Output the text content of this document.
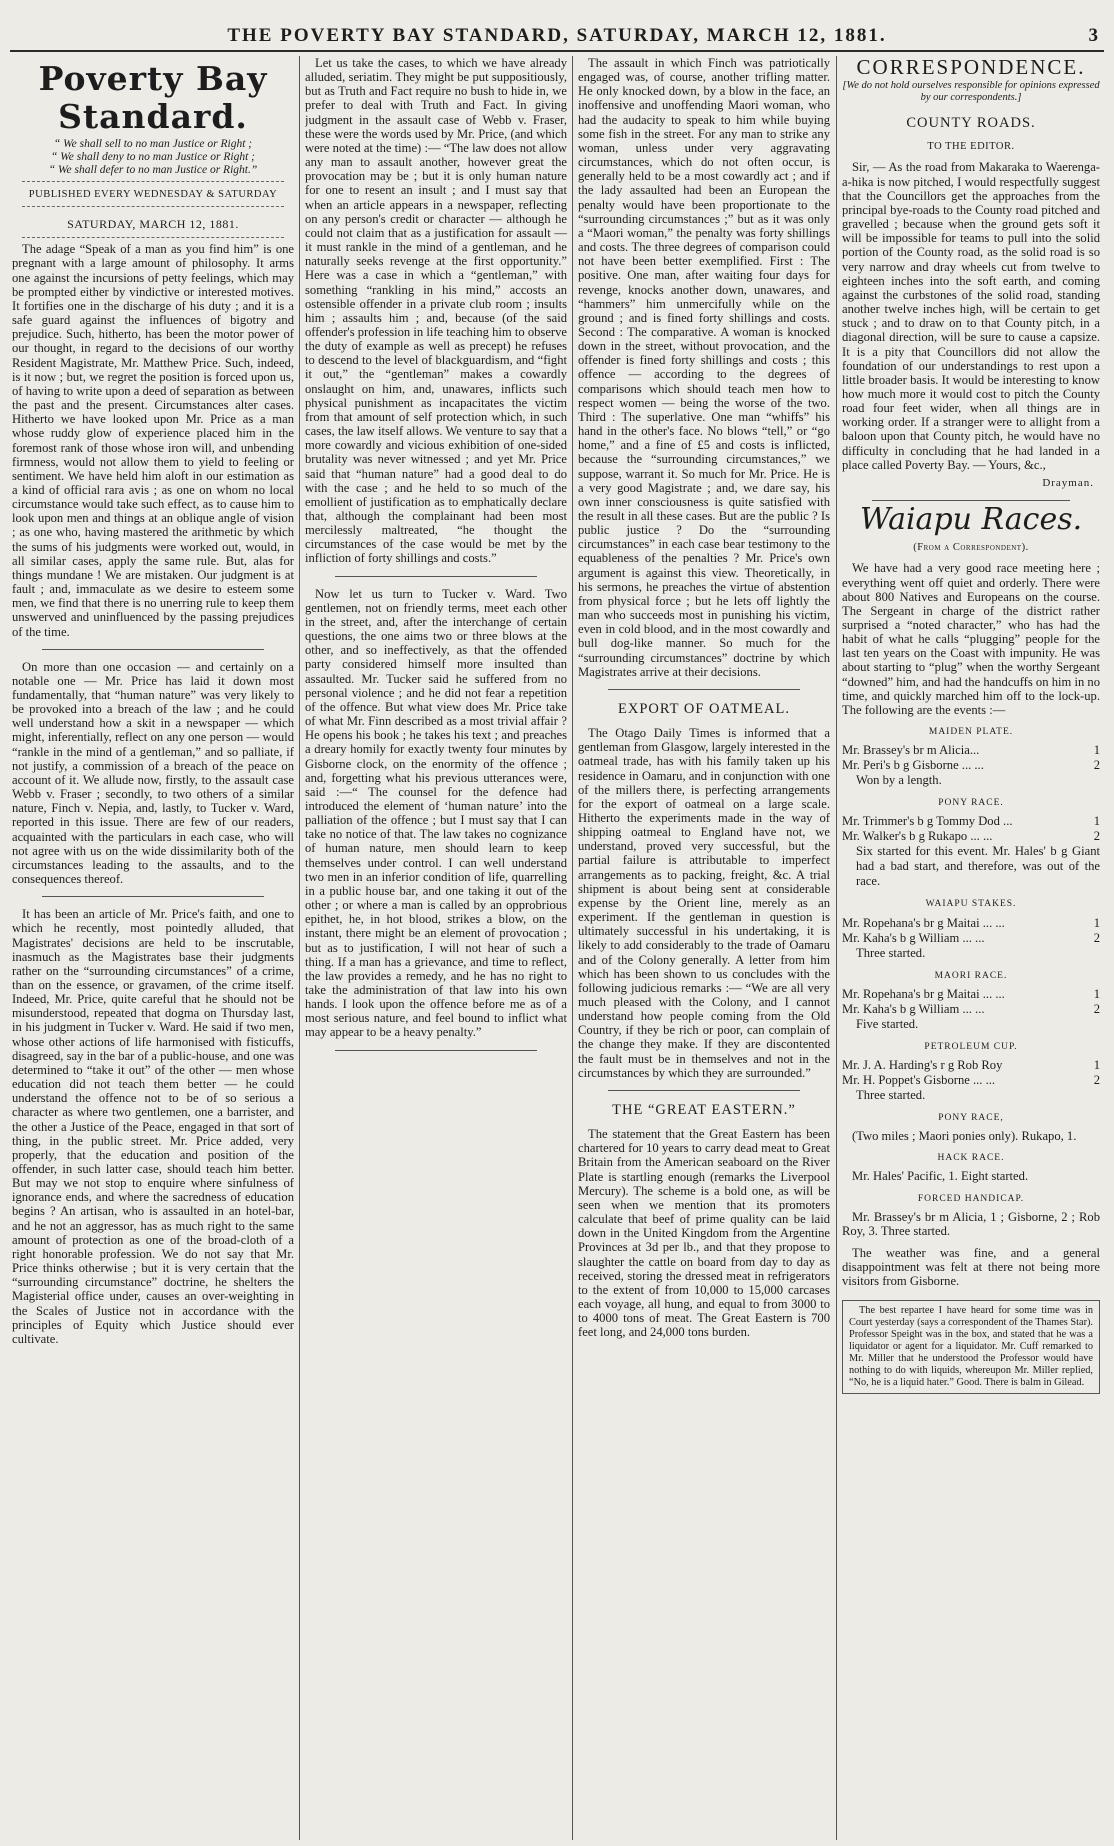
THE POVERTY BAY STANDARD, SATURDAY, MARCH 12, 1881.	3
Poverty Bay Standard.
“ We shall sell to no man Justice or Right ;
“ We shall deny to no man Justice or Right ;
“ We shall defer to no man Justice or Right.”
PUBLISHED EVERY WEDNESDAY & SATURDAY
SATURDAY, MARCH 12, 1881.

The adage “Speak of a man as you find him” is one pregnant with a large amount of philosophy. It arms one against the incursions of petty feelings, which may be prompted either by vindictive or interested motives. It fortifies one in the discharge of his duty ; and it is a safe guard against the influences of bigotry and prejudice. Such, hitherto, has been the motor power of our thought, in regard to the decisions of our worthy Resident Magistrate, Mr. Matthew Price. Such, indeed, is it now ; but, we regret the position is forced upon us, of having to write upon a deed of separation as between the past and the present. Circumstances alter cases. Hitherto we have looked upon Mr. Price as a man whose ruddy glow of experience placed him in the foremost rank of those whose iron will, and unbending firmness, would not allow them to yield to feeling or sentiment. We have held him aloft in our estimation as a kind of official rara avis ; as one on whom no local circumstance would take such effect, as to cause him to look upon men and things at an oblique angle of vision ; as one who, having mastered the arithmetic by which the sums of his judgments were worked out, would, in all similar cases, apply the same rule. But, alas for things mundane ! We are mistaken. Our judgment is at fault ; and, immaculate as we desire to esteem some men, we find that there is no unerring rule to keep them unswerved and uninfluenced by the passing prejudices of the time.

On more than one occasion — and certainly on a notable one — Mr. Price has laid it down most fundamentally, that “human nature” was very likely to be provoked into a breach of the law ; and he could well understand how a skit in a newspaper — which might, inferentially, reflect on any one person — would “rankle in the mind of a gentleman,” and so palliate, if not justify, a commission of a breach of the peace on account of it. We allude now, firstly, to the assault case Webb v. Fraser ; secondly, to two others of a similar nature, Finch v. Nepia, and, lastly, to Tucker v. Ward, reported in this issue. There are few of our readers, acquainted with the particulars in each case, who will not agree with us on the wide dissimilarity both of the circumstances leading to the assaults, and to the consequences thereof.

It has been an article of Mr. Price's faith, and one to which he recently, most pointedly alluded, that Magistrates' decisions are held to be inscrutable, inasmuch as the Magistrates base their judgments rather on the “surrounding circumstances” of a crime, than on the essence, or gravamen, of the crime itself. Indeed, Mr. Price, quite careful that he should not be misunderstood, repeated that dogma on Thursday last, in his judgment in Tucker v. Ward. He said if two men, whose other actions of life harmonised with fisticuffs, disagreed, say in the bar of a public-house, and one was determined to “take it out” of the other — men whose education did not teach them better — he could understand the offence not to be of so serious a character as where two gentlemen, one a barrister, and the other a Justice of the Peace, engaged in that sort of thing, in the public street. Mr. Price added, very properly, that the education and position of the offender, in such latter case, should teach him better. But may we not stop to enquire where sinfulness of ignorance ends, and where the sacredness of education begins ? An artisan, who is assaulted in an hotel-bar, and he not an aggressor, has as much right to the same amount of protection as one of the broad-cloth of a right honorable profession. We do not say that Mr. Price thinks otherwise ; but it is very certain that the “surrounding circumstance” doctrine, he shelters the Magisterial office under, causes an over-weighting in the Scales of Justice not in accordance with the principles of Equity which Justice should ever cultivate.

Let us take the cases, to which we have already alluded, seriatim. They might be put suppositiously, but as Truth and Fact require no bush to hide in, we prefer to deal with Truth and Fact. In giving judgment in the assault case of Webb v. Fraser, these were the words used by Mr. Price, (and which were noted at the time) :— “The law does not allow any man to assault another, however great the provocation may be ; but it is only human nature for one to resent an insult ; and I must say that when an article appears in a newspaper, reflecting on any person's credit or character — although he could not claim that as a justification for assault — it must rankle in the mind of a gentleman, and he naturally seeks revenge at the first opportunity.” Here was a case in which a “gentleman,” with something “rankling in his mind,” accosts an ostensible offender in a private club room ; insults him ; assaults him ; and, because (of the said offender's profession in life teaching him to observe the duty of example as well as precept) he refuses to descend to the level of blackguardism, and “fight it out,” the “gentleman” makes a cowardly onslaught on him, and, unawares, inflicts such physical punishment as incapacitates the victim from that amount of self protection which, in such cases, the law itself allows. We venture to say that a more cowardly and vicious exhibition of one-sided brutality was never witnessed ; and yet Mr. Price said that “human nature” had a good deal to do with the case ; and he held to so much of the emollient of justification as to emphatically declare that, although the complainant had been most mercilessly maltreated, “he thought the circumstances of the case would be met by the infliction of forty shillings and costs.”

Now let us turn to Tucker v. Ward. Two gentlemen, not on friendly terms, meet each other in the street, and, after the interchange of certain questions, the one aims two or three blows at the other, and so ineffectively, as that the offended party considered himself more insulted than assaulted. Mr. Tucker said he suffered from no personal violence ; and he did not fear a repetition of the offence. But what view does Mr. Price take of what Mr. Finn described as a most trivial affair ? He opens his book ; he takes his text ; and preaches a dreary homily for exactly twenty four minutes by Gisborne clock, on the enormity of the offence ; and, forgetting what his previous utterances were, said :—“ The counsel for the defence had introduced the element of ‘human nature’ into the palliation of the offence ; but I must say that I can take no notice of that. The law takes no cognizance of human nature, men should learn to keep themselves under control. I can well understand two men in an inferior condition of life, quarrelling in a public house bar, and one taking it out of the other ; or where a man is called by an opprobrious epithet, he, in hot blood, strikes a blow, on the instant, there might be an element of provocation ; but as to justification, I will not hear of such a thing. If a man has a grievance, and time to reflect, the law provides a remedy, and he has no right to take the administration of that law into his own hands. I look upon the offence before me as of a most serious nature, and feel bound to inflict what may appear to be a heavy penalty.”

The assault in which Finch was patriotically engaged was, of course, another trifling matter. He only knocked down, by a blow in the face, an inoffensive and unoffending Maori woman, who had the audacity to speak to him while buying some fish in the street. For any man to strike any woman, unless under very aggravating circumstances, which do not often occur, is generally held to be a most cowardly act ; and if the lady assaulted had been an European the penalty would have been proportionate to the “surrounding circumstances ;” but as it was only a “Maori woman,” the penalty was forty shillings and costs. The three degrees of comparison could not have been better exemplified. First : The positive. One man, after waiting four days for revenge, knocks another down, unawares, and “hammers” him unmercifully while on the ground ; and is fined forty shillings and costs. Second : The comparative. A woman is knocked down in the street, without provocation, and the offender is fined forty shillings and costs ; this offence — according to the degrees of comparisons which should teach men how to respect women — being the worse of the two. Third : The superlative. One man “whiffs” his hand in the other's face. No blows “tell,” or “go home,” and a fine of £5 and costs is inflicted, because the “surrounding circumstances,” we suppose, warrant it. So much for Mr. Price. He is a very good Magistrate ; and, we dare say, his own inner consciousness is quite satisfied with the result in all these cases. But are the public ? Is public justice ? Do the “surrounding circumstances” in each case bear testimony to the equableness of the penalties ? Mr. Price's own argument is against this view. Theoretically, in his sermons, he preaches the virtue of abstention from physical force ; but he lets off lightly the man who succeeds most in punishing his victim, even in cold blood, and in the most cowardly and bull dog-like manner. So much for the “surrounding circumstances” doctrine by which Magistrates arrive at their decisions.

EXPORT OF OATMEAL.

The Otago Daily Times is informed that a gentleman from Glasgow, largely interested in the oatmeal trade, has with his family taken up his residence in Oamaru, and in conjunction with one of the millers there, is perfecting arrangements for the export of oatmeal on a large scale. Hitherto the experiments made in the way of shipping oatmeal to England have not, we understand, proved very successful, but the partial failure is attributable to imperfect arrangements as to packing, freight, &c. A trial shipment is about being sent at considerable expense by the Orient line, merely as an experiment. If the gentleman in question is ultimately successful in his undertaking, it is likely to add considerably to the trade of Oamaru and of the Colony generally. A letter from him which has been shown to us concludes with the following judicious remarks :— “We are all very much pleased with the Colony, and I cannot understand how people coming from the Old Country, if they be rich or poor, can complain of the change they make. If they are discontented the fault must be in themselves and not in the circumstances by which they are surrounded.”

THE “GREAT EASTERN.”

The statement that the Great Eastern has been chartered for 10 years to carry dead meat to Great Britain from the American seaboard on the River Plate is startling enough (remarks the Liverpool Mercury). The scheme is a bold one, as will be seen when we mention that its promoters calculate that beef of prime quality can be laid down in the United Kingdom from the Argentine Provinces at 3d per lb., and that they propose to slaughter the cattle on board from day to day as received, storing the dressed meat in refrigerators to the extent of from 10,000 to 15,000 carcases each voyage, all hung, and equal to from 3000 to to 4000 tons of meat. The Great Eastern is 700 feet long, and 24,000 tons burden.

CORRESPONDENCE.
[We do not hold ourselves responsible for opinions expressed by our correspondents.]
COUNTY ROADS.
TO THE EDITOR.

Sir, — As the road from Makaraka to Waerenga-a-hika is now pitched, I would respectfully suggest that the Councillors get the approaches from the principal bye-roads to the County road pitched and gravelled ; because when the ground gets soft it will be impossible for teams to pull into the solid portion of the County road, as the solid road is so very narrow and dray wheels cut from twelve to eighteen inches into the soft earth, and coming against the curbstones of the solid road, standing another twelve inches high, will be certain to get stuck ; and to draw on to that County pitch, in a diagonal direction, will be sure to cause a capsize. It is a pity that Councillors did not allow the foundation of our understandings to rest upon a little broader basis. It would be interesting to know how much more it would cost to pitch the County road four feet wider, when all things are in working order. If a stranger were to allight from a baloon upon that County pitch, he would have no difficulty in concluding that he had landed in a place called Poverty Bay. — Yours, &c.,

Drayman.
Waiapu Races.
(From a Correspondent).

We have had a very good race meeting here ; everything went off quiet and orderly. There were about 800 Natives and Europeans on the course. The Sergeant in charge of the district rather surprised a “noted character,” who has had the habit of what he calls “plugging” people for the last ten years on the Coast with impunity. He was about starting to “plug” when the worthy Sergeant “downed” him, and had the handcuffs on him in no time, and quickly marched him off to the lock-up. The following are the events :—

MAIDEN PLATE.
Mr. Brassey's br m Alicia...	1
Mr. Peri's b g Gisborne ... ...	2
Won by a length.
PONY RACE.
Mr. Trimmer's b g Tommy Dod ...	1
Mr. Walker's b g Rukapo ... ...	2
Six started for this event. Mr. Hales' b g Giant had a bad start, and therefore, was out of the race.
WAIAPU STAKES.
Mr. Ropehana's br g Maitai ... ...	1
Mr. Kaha's b g William ... ...	2
Three started.
MAORI RACE.
Mr. Ropehana's br g Maitai ... ...	1
Mr. Kaha's b g William ... ...	2
Five started.
PETROLEUM CUP.
Mr. J. A. Harding's r g Rob Roy	1
Mr. H. Poppet's Gisborne ... ...	2
Three started.
PONY RACE,

(Two miles ; Maori ponies only). Rukapo, 1.

HACK RACE.

Mr. Hales' Pacific, 1. Eight started.

FORCED HANDICAP.

Mr. Brassey's br m Alicia, 1 ; Gisborne, 2 ; Rob Roy, 3. Three started.

The weather was fine, and a general disappointment was felt at there not being more visitors from Gisborne.

The best repartee I have heard for some time was in Court yesterday (says a correspondent of the Thames Star). Professor Speight was in the box, and stated that he was a liquidator or agent for a liquidator. Mr. Cuff remarked to Mr. Miller that he understood the Professor would have nothing to do with liquids, whereupon Mr. Miller replied, “No, he is a liquid hater.” Good. There is balm in Gilead.
